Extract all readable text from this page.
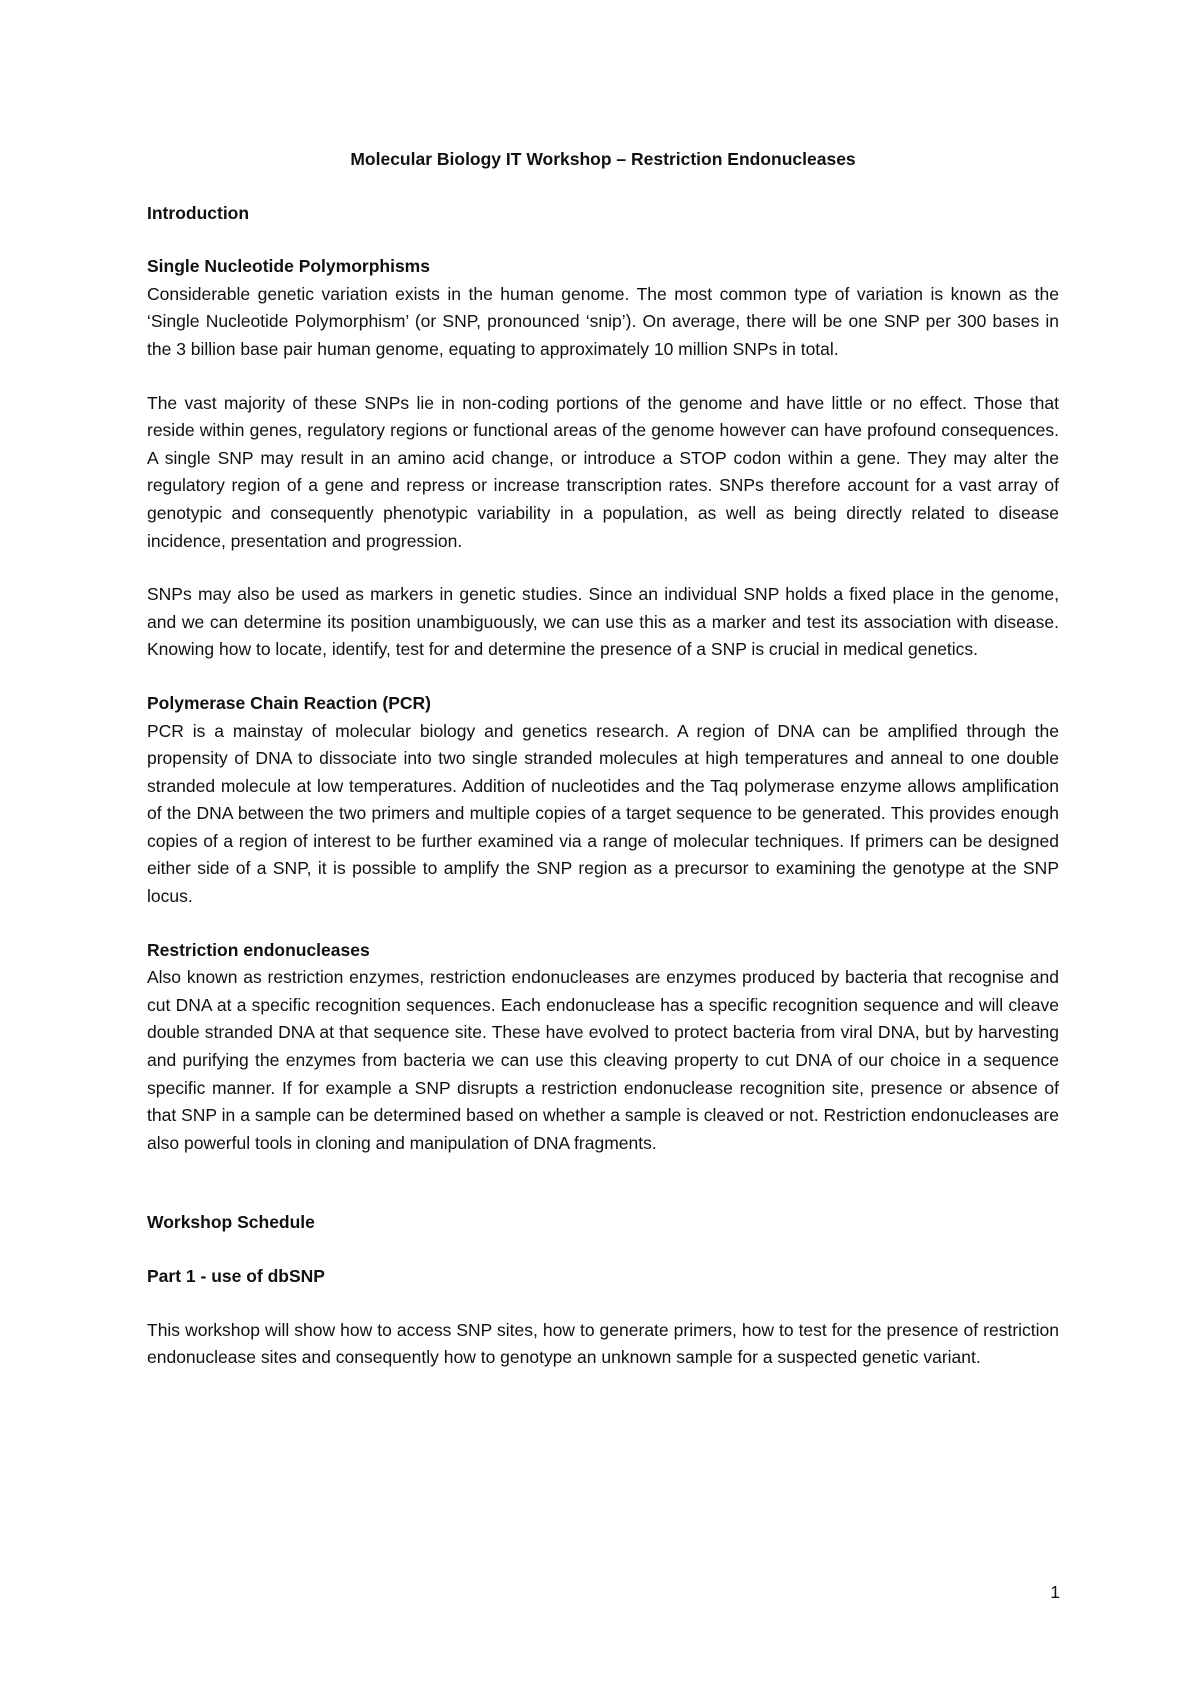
Molecular Biology IT Workshop – Restriction Endonucleases
Introduction
Single Nucleotide Polymorphisms

Considerable genetic variation exists in the human genome. The most common type of variation is known as the ‘Single Nucleotide Polymorphism’ (or SNP, pronounced ‘snip’). On average, there will be one SNP per 300 bases in the 3 billion base pair human genome, equating to approximately 10 million SNPs in total.

The vast majority of these SNPs lie in non-coding portions of the genome and have little or no effect. Those that reside within genes, regulatory regions or functional areas of the genome however can have profound consequences. A single SNP may result in an amino acid change, or introduce a STOP codon within a gene. They may alter the regulatory region of a gene and repress or increase transcription rates. SNPs therefore account for a vast array of genotypic and consequently phenotypic variability in a population, as well as being directly related to disease incidence, presentation and progression.

SNPs may also be used as markers in genetic studies. Since an individual SNP holds a fixed place in the genome, and we can determine its position unambiguously, we can use this as a marker and test its association with disease. Knowing how to locate, identify, test for and determine the presence of a SNP is crucial in medical genetics.

Polymerase Chain Reaction (PCR)

PCR is a mainstay of molecular biology and genetics research. A region of DNA can be amplified through the propensity of DNA to dissociate into two single stranded molecules at high temperatures and anneal to one double stranded molecule at low temperatures. Addition of nucleotides and the Taq polymerase enzyme allows amplification of the DNA between the two primers and multiple copies of a target sequence to be generated. This provides enough copies of a region of interest to be further examined via a range of molecular techniques. If primers can be designed either side of a SNP, it is possible to amplify the SNP region as a precursor to examining the genotype at the SNP locus.

Restriction endonucleases

Also known as restriction enzymes, restriction endonucleases are enzymes produced by bacteria that recognise and cut DNA at a specific recognition sequences. Each endonuclease has a specific recognition sequence and will cleave double stranded DNA at that sequence site. These have evolved to protect bacteria from viral DNA, but by harvesting and purifying the enzymes from bacteria we can use this cleaving property to cut DNA of our choice in a sequence specific manner. If for example a SNP disrupts a restriction endonuclease recognition site, presence or absence of that SNP in a sample can be determined based on whether a sample is cleaved or not. Restriction endonucleases are also powerful tools in cloning and manipulation of DNA fragments.

Workshop Schedule
Part 1 - use of dbSNP

This workshop will show how to access SNP sites, how to generate primers, how to test for the presence of restriction endonuclease sites and consequently how to genotype an unknown sample for a suspected genetic variant.

1
